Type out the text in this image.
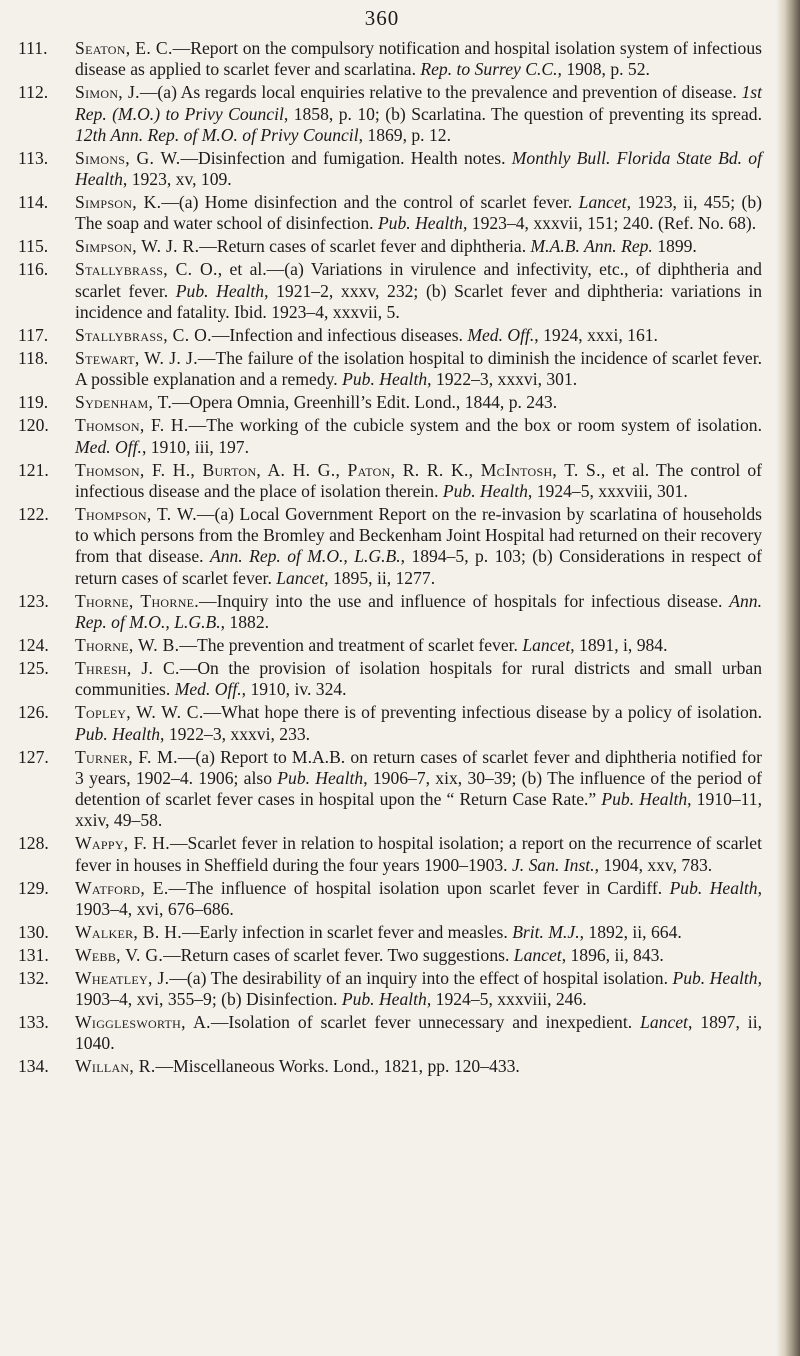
360
111.	Seaton, E. C.—Report on the compulsory notification and hospital isolation system of infectious disease as applied to scarlet fever and scarlatina. Rep. to Surrey C.C., 1908, p. 52.
112.	Simon, J.—(a) As regards local enquiries relative to the prevalence and prevention of disease. 1st Rep. (M.O.) to Privy Council, 1858, p. 10; (b) Scarlatina. The question of preventing its spread. 12th Ann. Rep. of M.O. of Privy Council, 1869, p. 12.
113.	Simons, G. W.—Disinfection and fumigation. Health notes. Monthly Bull. Florida State Bd. of Health, 1923, xv, 109.
114.	Simpson, K.—(a) Home disinfection and the control of scarlet fever. Lancet, 1923, ii, 455; (b) The soap and water school of disinfection. Pub. Health, 1923–4, xxxvii, 151; 240. (Ref. No. 68).
115.	Simpson, W. J. R.—Return cases of scarlet fever and diphtheria. M.A.B. Ann. Rep. 1899.
116.	Stallybrass, C. O., et al.—(a) Variations in virulence and infectivity, etc., of diphtheria and scarlet fever. Pub. Health, 1921–2, xxxv, 232; (b) Scarlet fever and diphtheria: variations in incidence and fatality. Ibid. 1923–4, xxxvii, 5.
117.	Stallybrass, C. O.—Infection and infectious diseases. Med. Off., 1924, xxxi, 161.
118.	Stewart, W. J. J.—The failure of the isolation hospital to diminish the incidence of scarlet fever. A possible explanation and a remedy. Pub. Health, 1922–3, xxxvi, 301.
119.	Sydenham, T.—Opera Omnia, Greenhill’s Edit. Lond., 1844, p. 243.
120.	Thomson, F. H.—The working of the cubicle system and the box or room system of isolation. Med. Off., 1910, iii, 197.
121.	Thomson, F. H., Burton, A. H. G., Paton, R. R. K., McIntosh, T. S., et al. The control of infectious disease and the place of isolation therein. Pub. Health, 1924–5, xxxviii, 301.
122.	Thompson, T. W.—(a) Local Government Report on the re-invasion by scarlatina of households to which persons from the Bromley and Beckenham Joint Hospital had returned on their recovery from that disease. Ann. Rep. of M.O., L.G.B., 1894–5, p. 103; (b) Considerations in respect of return cases of scarlet fever. Lancet, 1895, ii, 1277.
123.	Thorne, Thorne.—Inquiry into the use and influence of hospitals for infectious disease. Ann. Rep. of M.O., L.G.B., 1882.
124.	Thorne, W. B.—The prevention and treatment of scarlet fever. Lancet, 1891, i, 984.
125.	Thresh, J. C.—On the provision of isolation hospitals for rural districts and small urban communities. Med. Off., 1910, iv. 324.
126.	Topley, W. W. C.—What hope there is of preventing infectious disease by a policy of isolation. Pub. Health, 1922–3, xxxvi, 233.
127.	Turner, F. M.—(a) Report to M.A.B. on return cases of scarlet fever and diphtheria notified for 3 years, 1902–4. 1906; also Pub. Health, 1906–7, xix, 30–39; (b) The influence of the period of detention of scarlet fever cases in hospital upon the “ Return Case Rate.” Pub. Health, 1910–11, xxiv, 49–58.
128.	Wappy, F. H.—Scarlet fever in relation to hospital isolation; a report on the recurrence of scarlet fever in houses in Sheffield during the four years 1900–1903. J. San. Inst., 1904, xxv, 783.
129.	Watford, E.—The influence of hospital isolation upon scarlet fever in Cardiff. Pub. Health, 1903–4, xvi, 676–686.
130.	Walker, B. H.—Early infection in scarlet fever and measles. Brit. M.J., 1892, ii, 664.
131.	Webb, V. G.—Return cases of scarlet fever. Two suggestions. Lancet, 1896, ii, 843.
132.	Wheatley, J.—(a) The desirability of an inquiry into the effect of hospital isolation. Pub. Health, 1903–4, xvi, 355–9; (b) Disinfection. Pub. Health, 1924–5, xxxviii, 246.
133.	Wigglesworth, A.—Isolation of scarlet fever unnecessary and inexpedient. Lancet, 1897, ii, 1040.
134.	Willan, R.—Miscellaneous Works. Lond., 1821, pp. 120–433.
